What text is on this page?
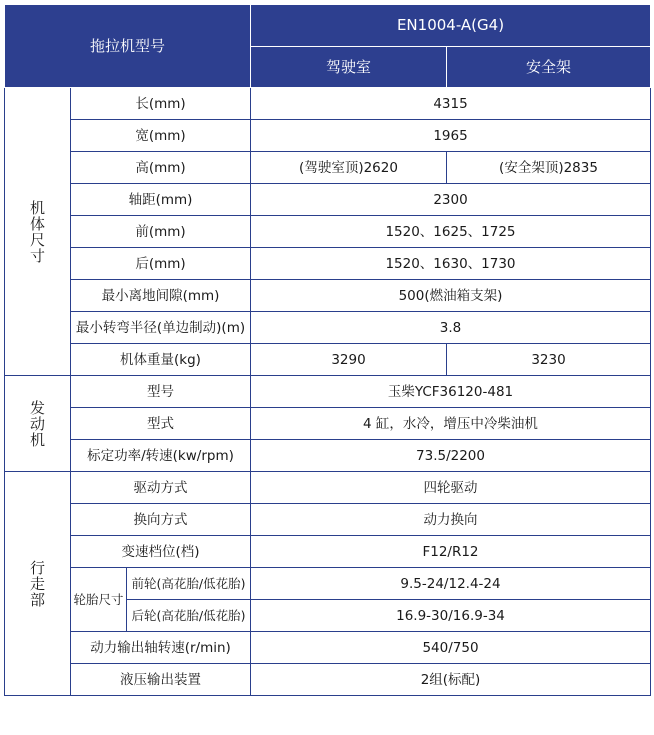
拖拉机型号			EN1004-A(G4)	
			驾驶室	安全架

机
体
尺
寸	长(mm)		4315	
	宽(mm)		1965	
	高(mm)		(驾驶室顶)2620	(安全架顶)2835
	轴距(mm)		2300	
	前(mm)		1520、1625、1725	
	后(mm)		1520、1630、1730	
	最小离地间隙(mm)		500(燃油箱支架)	
	最小转弯半径(单边制动)(m)		3.8	
	机体重量(kg)		3290	3230

发
动
机	型号		玉柴YCF36120-481	
	型式		4 缸，水冷，增压中冷柴油机	
	标定功率/转速(kw/rpm)		73.5/2200	

行
走
部	驱动方式		四轮驱动	
	换向方式		动力换向	
	变速档位(档)		F12/R12	
	轮胎尺寸	前轮(高花胎/低花胎)	9.5-24/12.4-24	
		后轮(高花胎/低花胎)	16.9-30/16.9-34	
	动力输出轴转速(r/min)		540/750	
	液压输出装置		2组(标配)	
